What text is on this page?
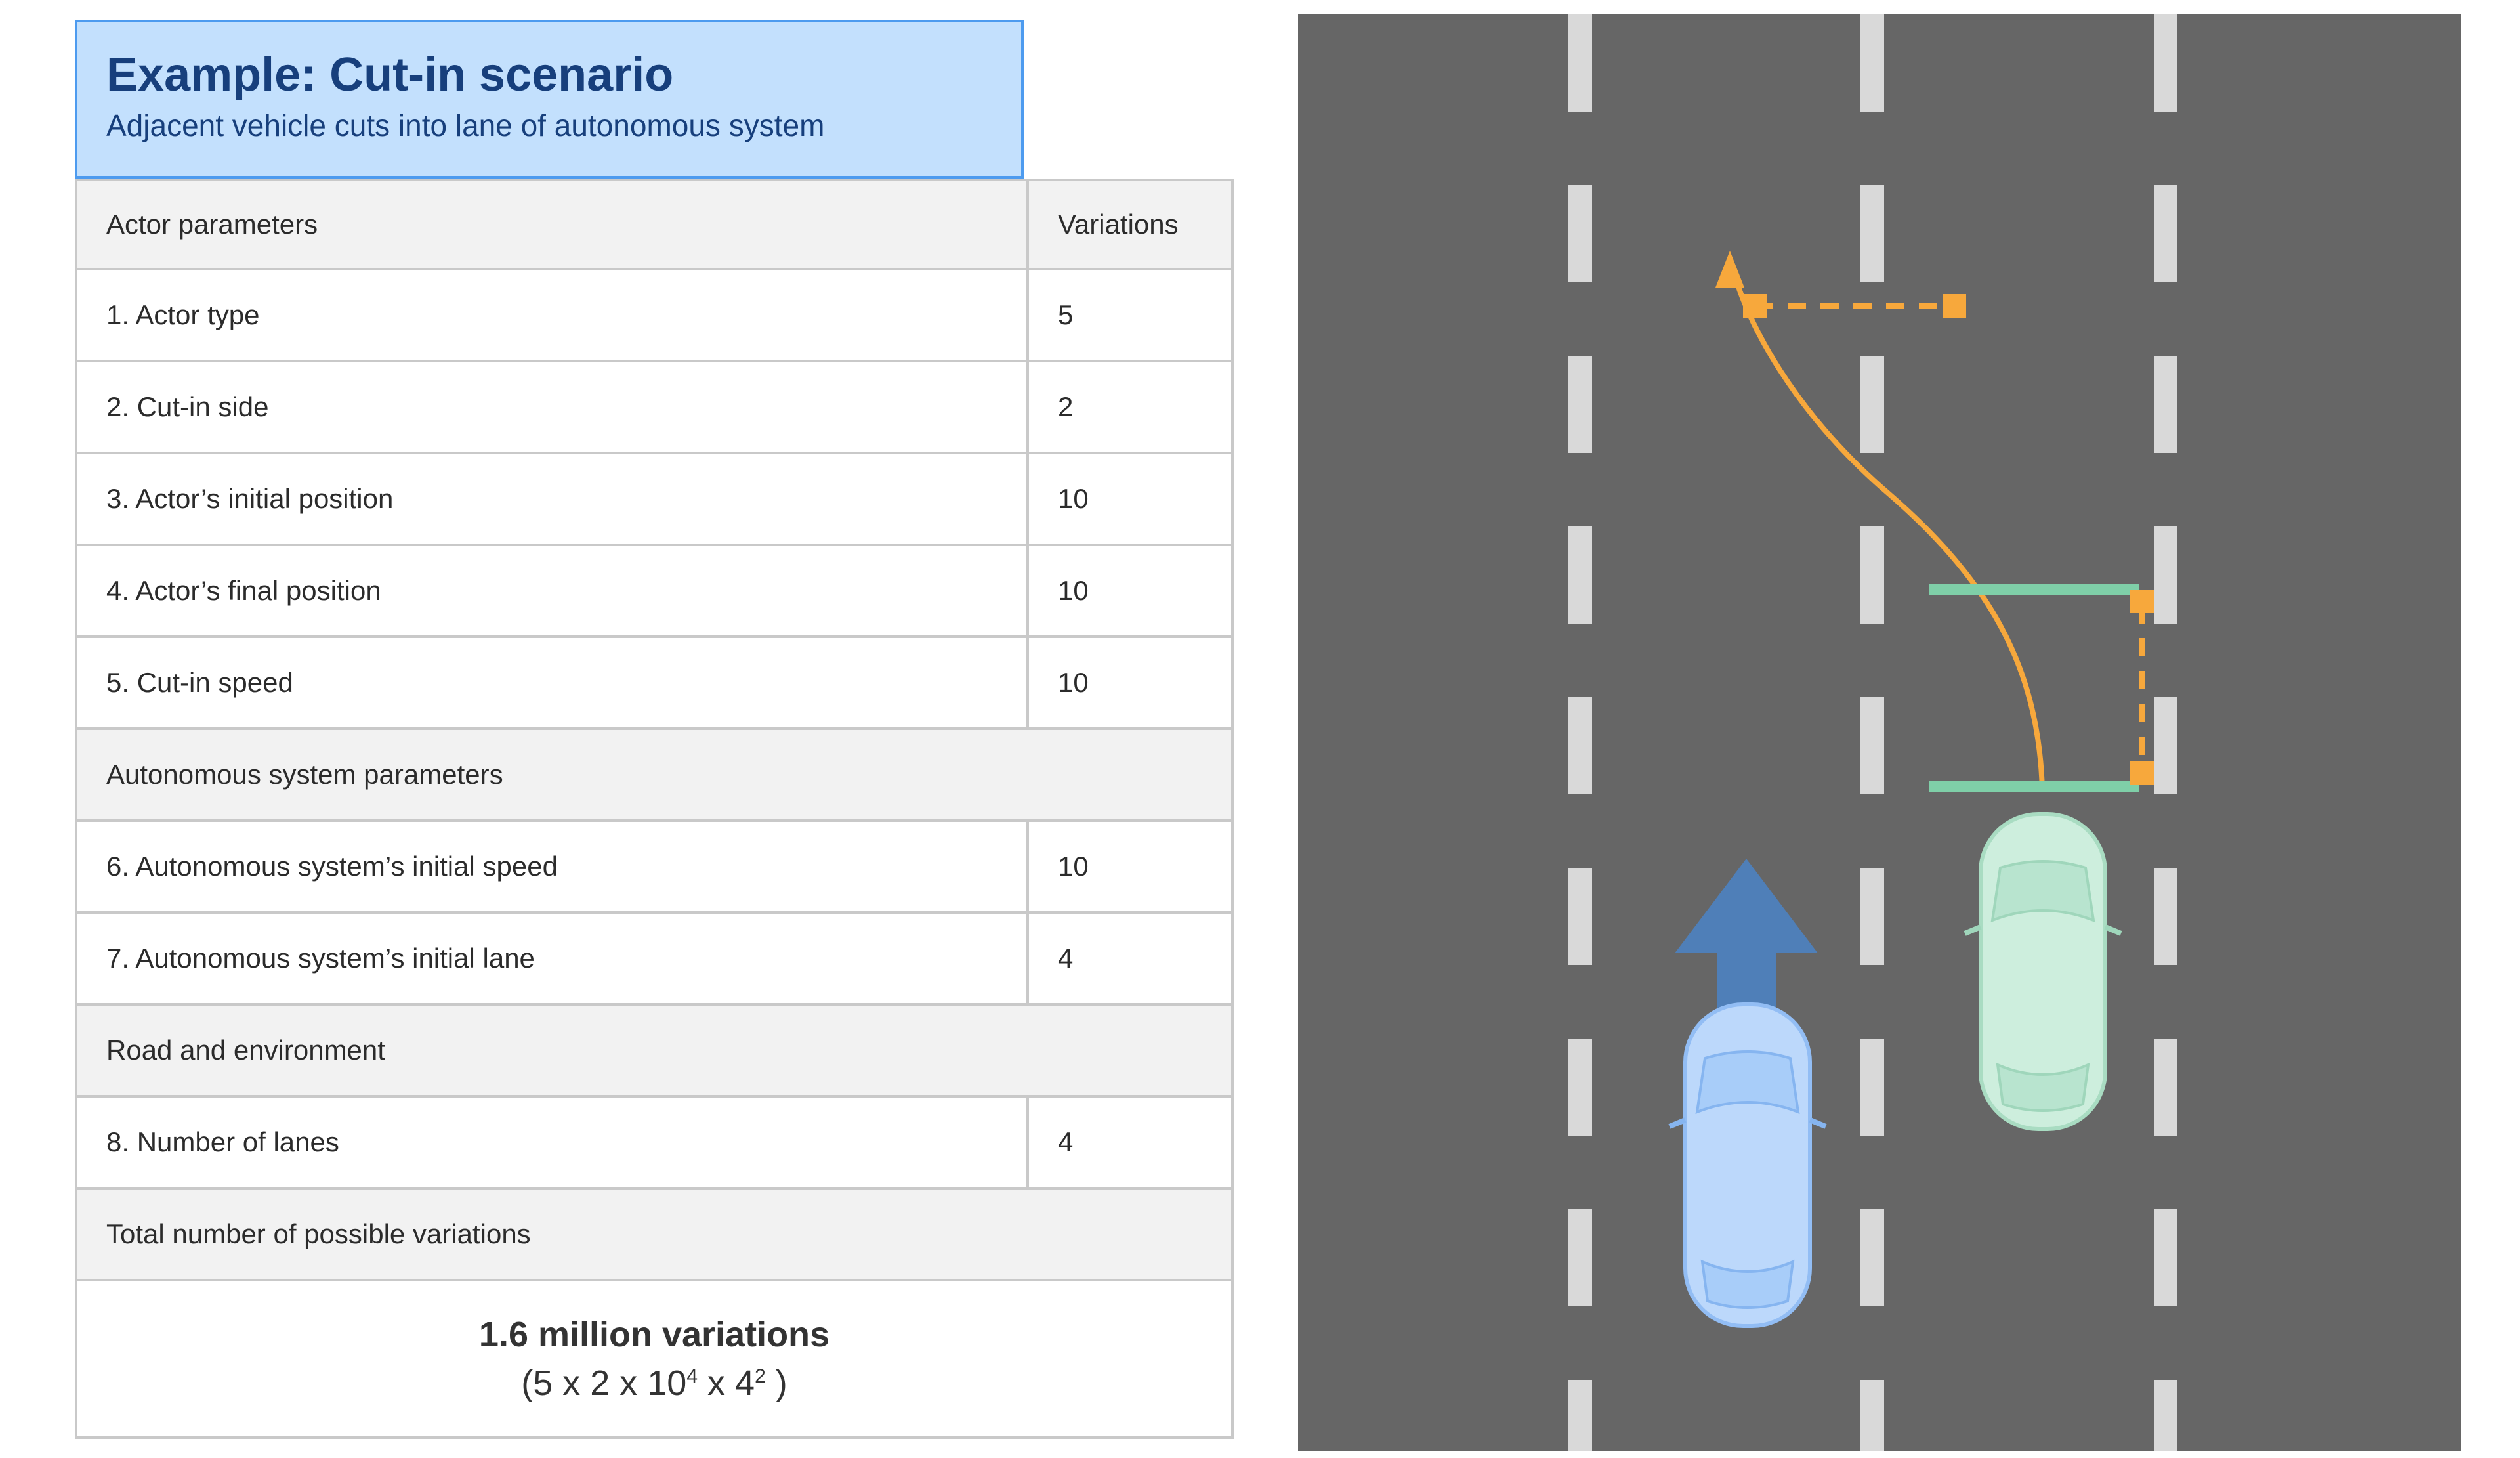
Example: Cut-in scenario
Adjacent vehicle cuts into lane of autonomous system
Actor parameters	Variations
1. Actor type	5
2. Cut-in side	2
3. Actor’s initial position	10
4. Actor’s final position	10
5. Cut-in speed	10
Autonomous system parameters
6. Autonomous system’s initial speed	10
7. Autonomous system’s initial lane	4
Road and environment
8. Number of lanes	4
Total number of possible variations
1.6 million variations
(5 x 2 x $10^4$ x $4^2$ )
